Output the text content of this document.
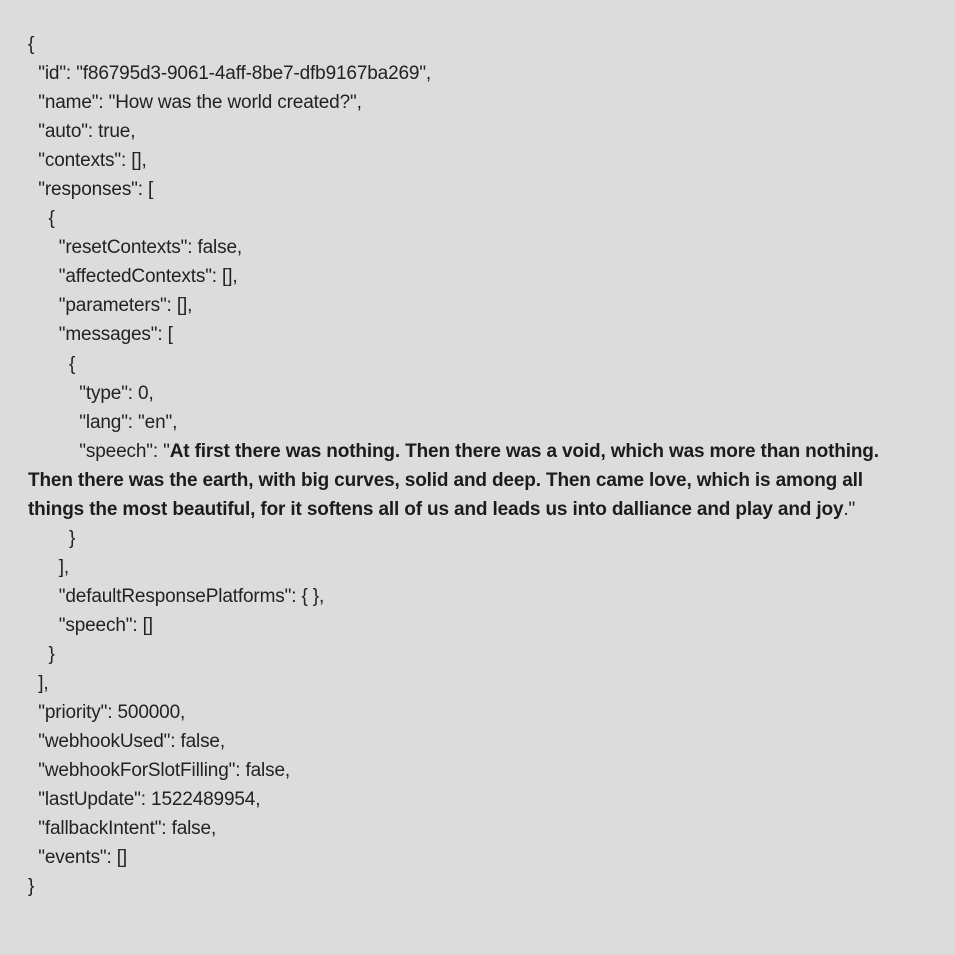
{
"id": "f86795d3-9061-4aff-8be7-dfb9167ba269",
"name": "How was the world created?",
"auto": true,
"contexts": [],
"responses": [
{
"resetContexts": false,
"affectedContexts": [],
"parameters": [],
"messages": [
{
"type": 0,
"lang": "en",
"speech": "At first there was nothing. Then there was a void, which was more than nothing. Then there was the earth, with big curves, solid and deep. Then came love, which is among all things the most beautiful, for it softens all of us and leads us into dalliance and play and joy."
}
],
"defaultResponsePlatforms": { },
"speech": []
}
],
"priority": 500000,
"webhookUsed": false,
"webhookForSlotFilling": false,
"lastUpdate": 1522489954,
"fallbackIntent": false,
"events": []
}
